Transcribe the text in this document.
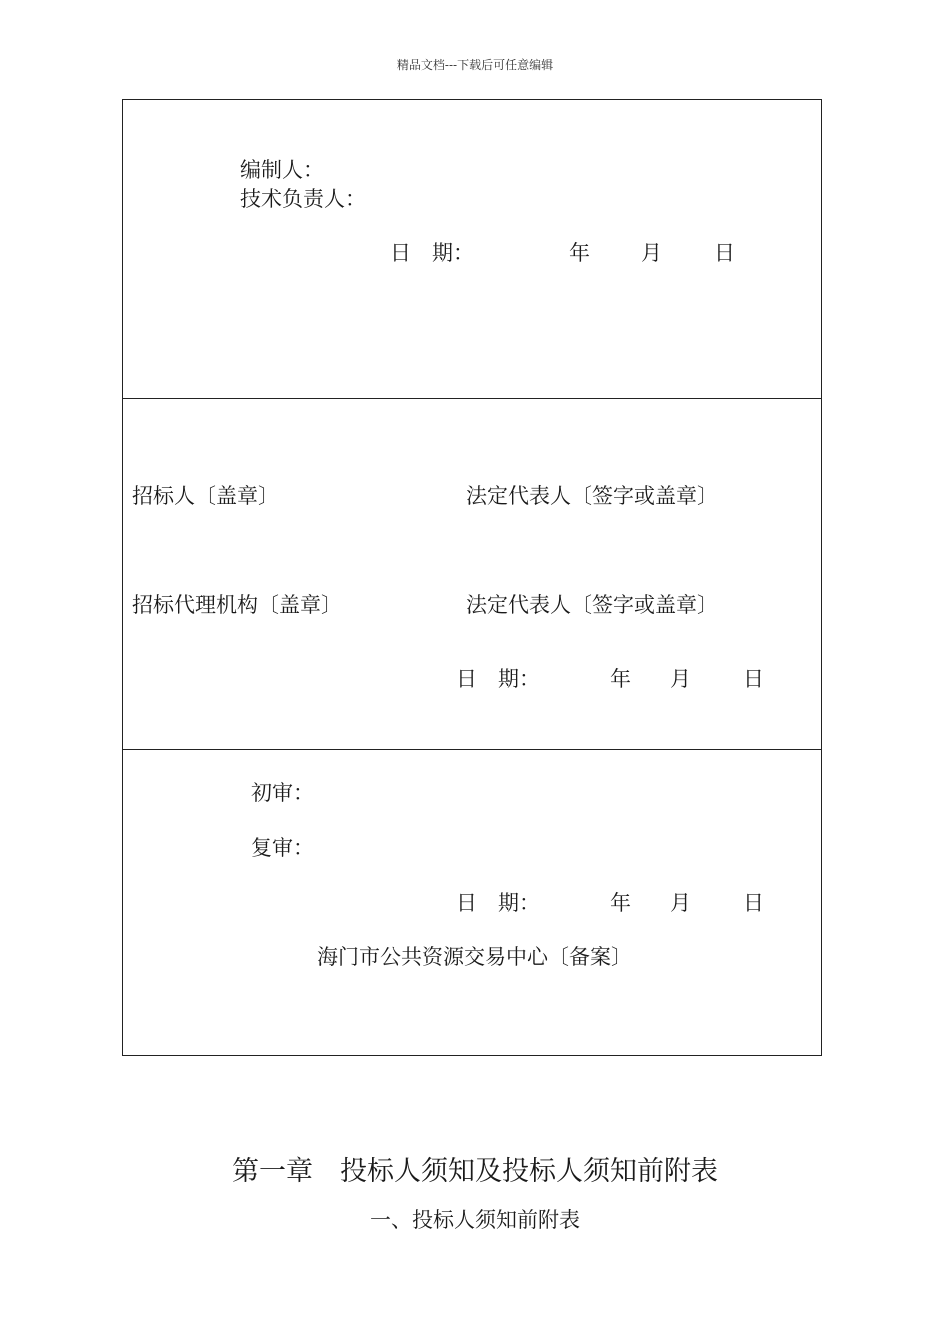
精品文档---下载后可任意编辑
编制人：
技术负责人：
日　期：	年 月 日
招标人〔盖章〕	法定代表人〔签字或盖章〕
招标代理机构〔盖章〕	法定代表人〔签字或盖章〕
日　期：	年 月 日
初审：
复审：
日　期：	年 月 日
海门市公共资源交易中心〔备案〕
第一章　投标人须知及投标人须知前附表
一、投标人须知前附表
